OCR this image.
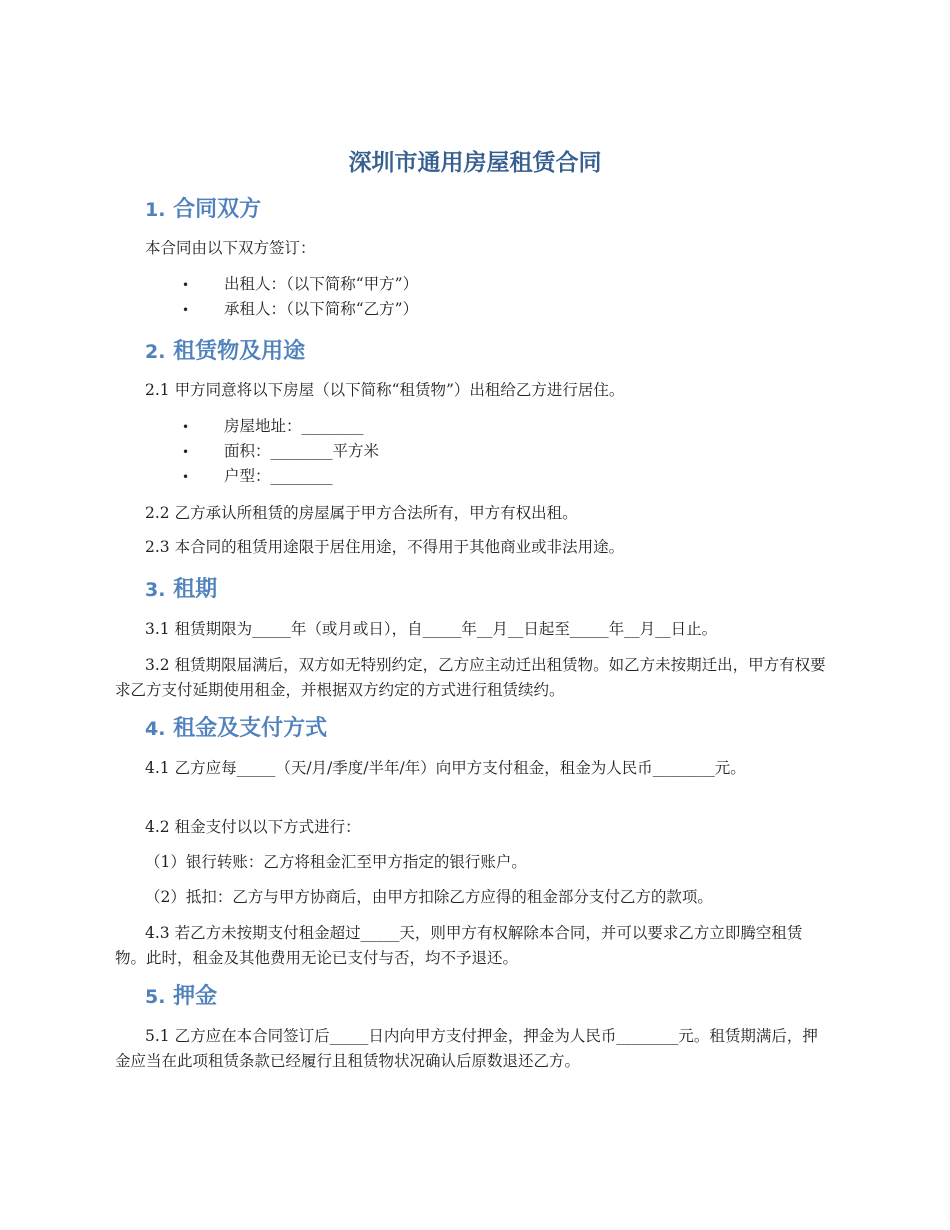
深圳市通用房屋租赁合同
1. 合同双方

本合同由以下双方签订：

• 出租人：（以下简称“甲方”）
• 承租人：（以下简称“乙方”）
2. 租赁物及用途

2.1 甲方同意将以下房屋（以下简称“租赁物”）出租给乙方进行居住。

• 房屋地址：________
• 面积：________平方米
• 户型：________

2.2 乙方承认所租赁的房屋属于甲方合法所有，甲方有权出租。

2.3 本合同的租赁用途限于居住用途，不得用于其他商业或非法用途。

3. 租期

3.1 租赁期限为_____年（或月或日），自_____年__月__日起至_____年__月__日止。

3.2 租赁期限届满后，双方如无特别约定，乙方应主动迁出租赁物。如乙方未按期迁出，甲方有权要求乙方支付延期使用租金，并根据双方约定的方式进行租赁续约。

4. 租金及支付方式

4.1 乙方应每_____（天/月/季度/半年/年）向甲方支付租金，租金为人民币________元。

4.2 租金支付以以下方式进行：

（1）银行转账：乙方将租金汇至甲方指定的银行账户。

（2）抵扣：乙方与甲方协商后，由甲方扣除乙方应得的租金部分支付乙方的款项。

4.3 若乙方未按期支付租金超过_____天，则甲方有权解除本合同，并可以要求乙方立即腾空租赁物。此时，租金及其他费用无论已支付与否，均不予退还。

5. 押金

5.1 乙方应在本合同签订后_____日内向甲方支付押金，押金为人民币________元。租赁期满后，押金应当在此项租赁条款已经履行且租赁物状况确认后原数退还乙方。
